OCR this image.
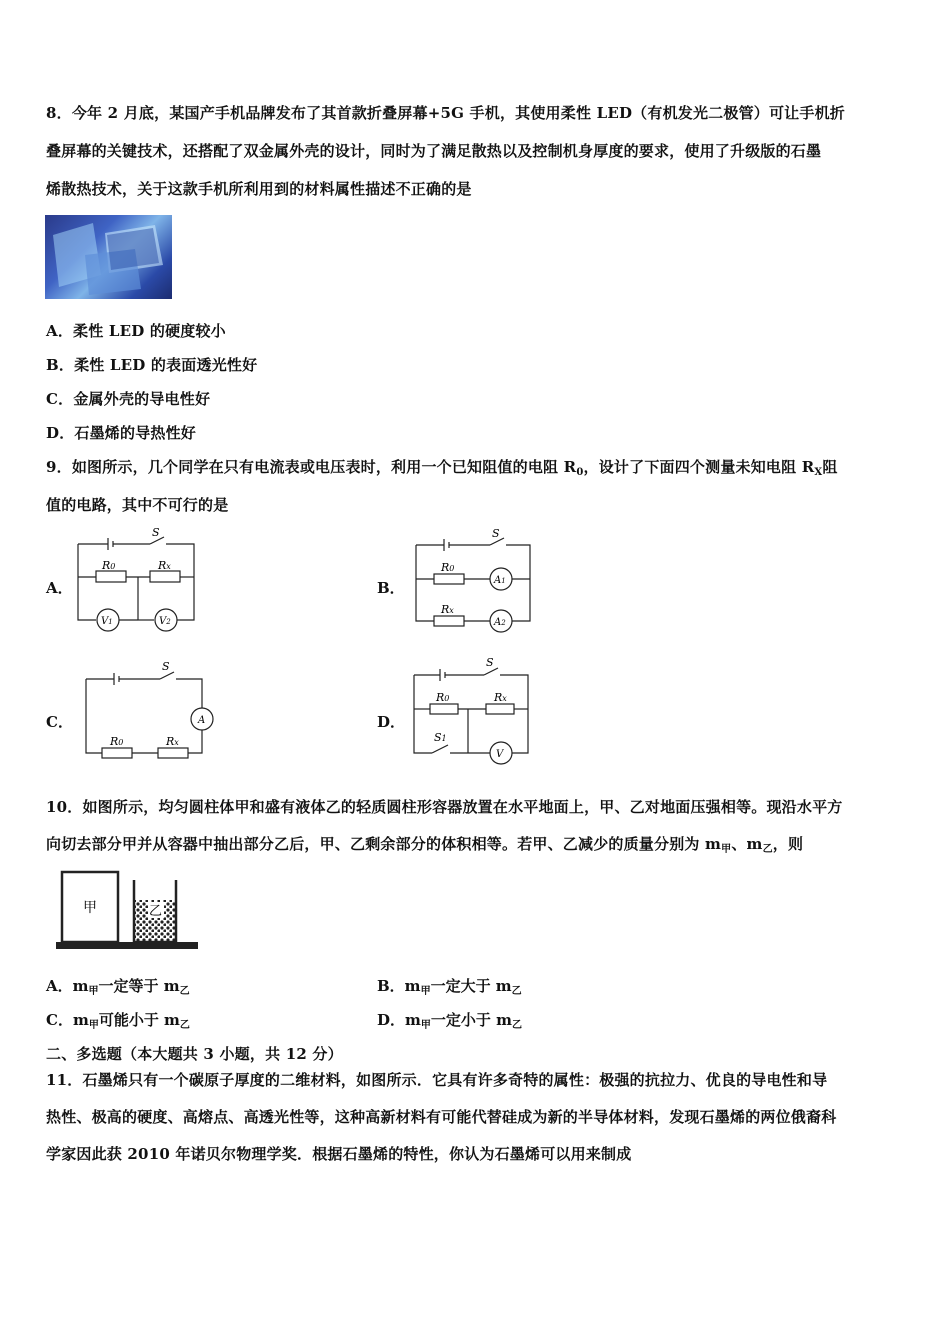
8．今年 2 月底，某国产手机品牌发布了其首款折叠屏幕+5G 手机，其使用柔性 LED（有机发光二极管）可让手机折
叠屏幕的关键技术，还搭配了双金属外壳的设计，同时为了满足散热以及控制机身厚度的要求，使用了升级版的石墨
烯散热技术，关于这款手机所利用到的材料属性描述不正确的是
A．柔性 LED 的硬度较小
B．柔性 LED 的表面透光性好
C．金属外壳的导电性好
D．石墨烯的导热性好
9．如图所示，几个同学在只有电流表或电压表时，利用一个已知阻值的电阻 $R_0$，设计了下面四个测量未知电阻 $R_X$阻
值的电路，其中不可行的是
A．
S
R0	Rx
V1	V2
B．
S
R0
Rx
A1
A2
C．
S
A
R0	Rx
D．
S
R0	Rx
S1
V
10．如图所示，均匀圆柱体甲和盛有液体乙的轻质圆柱形容器放置在水平地面上，甲、乙对地面压强相等。现沿水平方
向切去部分甲并从容器中抽出部分乙后，甲、乙剩余部分的体积相等。若甲、乙减少的质量分别为 $m_甲$、$m_乙$，则
甲	乙
A．$m_甲$一定等于 $m_乙$	B．$m_甲$一定大于 $m_乙$
C．$m_甲$可能小于 $m_乙$	D．$m_甲$一定小于 $m_乙$
二、多选题（本大题共 3 小题，共 12 分）
11．石墨烯只有一个碳原子厚度的二维材料，如图所示．它具有许多奇特的属性：极强的抗拉力、优良的导电性和导
热性、极高的硬度、高熔点、高透光性等，这种高新材料有可能代替硅成为新的半导体材料，发现石墨烯的两位俄裔科
学家因此获 2010 年诺贝尔物理学奖．根据石墨烯的特性，你认为石墨烯可以用来制成
